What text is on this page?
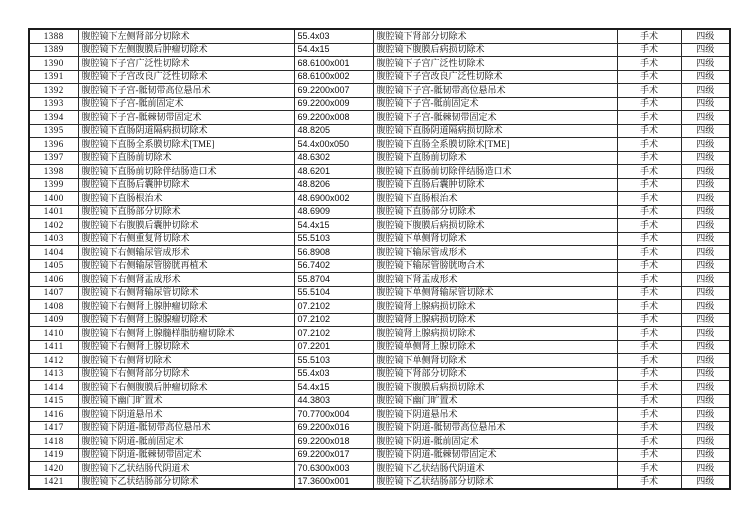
1388	腹腔镜下左侧肾部分切除术	55.4x03	腹腔镜下肾部分切除术	手术	四级
1389	腹腔镜下左侧腹膜后肿瘤切除术	54.4x15	腹腔镜下腹膜后病损切除术	手术	四级
1390	腹腔镜下子宫广泛性切除术	68.6100x001	腹腔镜下子宫广泛性切除术	手术	四级
1391	腹腔镜下子宫改良广泛性切除术	68.6100x002	腹腔镜下子宫改良广泛性切除术	手术	四级
1392	腹腔镜下子宫-骶韧带高位悬吊术	69.2200x007	腹腔镜下子宫-骶韧带高位悬吊术	手术	四级
1393	腹腔镜下子宫-骶前固定术	69.2200x009	腹腔镜下子宫-骶前固定术	手术	四级
1394	腹腔镜下子宫-骶棘韧带固定术	69.2200x008	腹腔镜下子宫-骶棘韧带固定术	手术	四级
1395	腹腔镜下直肠阴道隔病损切除术	48.8205	腹腔镜下直肠阴道隔病损切除术	手术	四级
1396	腹腔镜下直肠全系膜切除术[TME]	54.4x00x050	腹腔镜下直肠全系膜切除术[TME]	手术	四级
1397	腹腔镜下直肠前切除术	48.6302	腹腔镜下直肠前切除术	手术	四级
1398	腹腔镜下直肠前切除伴结肠造口术	48.6201	腹腔镜下直肠前切除伴结肠造口术	手术	四级
1399	腹腔镜下直肠后囊肿切除术	48.8206	腹腔镜下直肠后囊肿切除术	手术	四级
1400	腹腔镜下直肠根治术	48.6900x002	腹腔镜下直肠根治术	手术	四级
1401	腹腔镜下直肠部分切除术	48.6909	腹腔镜下直肠部分切除术	手术	四级
1402	腹腔镜下右腹膜后囊肿切除术	54.4x15	腹腔镜下腹膜后病损切除术	手术	四级
1403	腹腔镜下右侧重复肾切除术	55.5103	腹腔镜下单侧肾切除术	手术	四级
1404	腹腔镜下右侧输尿管成形术	56.8908	腹腔镜下输尿管成形术	手术	四级
1405	腹腔镜下右侧输尿管膀胱再植术	56.7402	腹腔镜下输尿管膀胱吻合术	手术	四级
1406	腹腔镜下右侧肾盂成形术	55.8704	腹腔镜下肾盂成形术	手术	四级
1407	腹腔镜下右侧肾输尿管切除术	55.5104	腹腔镜下单侧肾输尿管切除术	手术	四级
1408	腹腔镜下右侧肾上腺肿瘤切除术	07.2102	腹腔镜肾上腺病损切除术	手术	四级
1409	腹腔镜下右侧肾上腺腺瘤切除术	07.2102	腹腔镜肾上腺病损切除术	手术	四级
1410	腹腔镜下右侧肾上腺髓样脂肪瘤切除术	07.2102	腹腔镜肾上腺病损切除术	手术	四级
1411	腹腔镜下右侧肾上腺切除术	07.2201	腹腔镜单侧肾上腺切除术	手术	四级
1412	腹腔镜下右侧肾切除术	55.5103	腹腔镜下单侧肾切除术	手术	四级
1413	腹腔镜下右侧肾部分切除术	55.4x03	腹腔镜下肾部分切除术	手术	四级
1414	腹腔镜下右侧腹膜后肿瘤切除术	54.4x15	腹腔镜下腹膜后病损切除术	手术	四级
1415	腹腔镜下幽门旷置术	44.3803	腹腔镜下幽门旷置术	手术	四级
1416	腹腔镜下阴道悬吊术	70.7700x004	腹腔镜下阴道悬吊术	手术	四级
1417	腹腔镜下阴道-骶韧带高位悬吊术	69.2200x016	腹腔镜下阴道-骶韧带高位悬吊术	手术	四级
1418	腹腔镜下阴道-骶前固定术	69.2200x018	腹腔镜下阴道-骶前固定术	手术	四级
1419	腹腔镜下阴道-骶棘韧带固定术	69.2200x017	腹腔镜下阴道-骶棘韧带固定术	手术	四级
1420	腹腔镜下乙状结肠代阴道术	70.6300x003	腹腔镜下乙状结肠代阴道术	手术	四级
1421	腹腔镜下乙状结肠部分切除术	17.3600x001	腹腔镜下乙状结肠部分切除术	手术	四级
